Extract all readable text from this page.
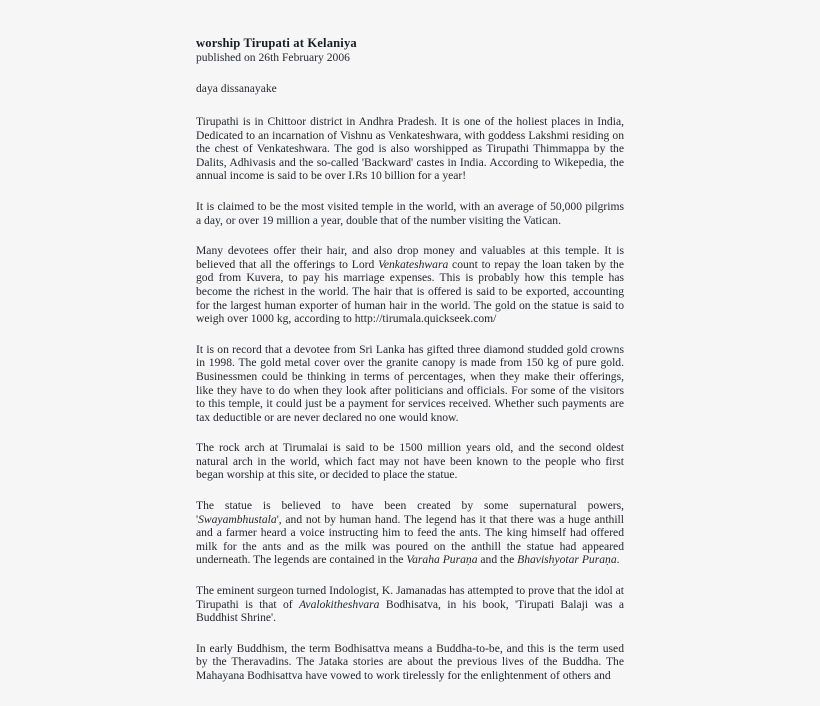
worship Tirupati at Kelaniya

published on 26th February 2006

daya dissanayake

Tirupathi is in Chittoor district in Andhra Pradesh. It is one of the holiest places in India, Dedicated to an incarnation of Vishnu as Venkateshwara, with goddess Lakshmi residing on the chest of Venkateshwara. The god is also worshipped as Tirupathi Thimmappa by the Dalits, Adhivasis and the so-called 'Backward' castes in India. According to Wikepedia, the annual income is said to be over I.Rs 10 billion for a year!

It is claimed to be the most visited temple in the world, with an average of 50,000 pilgrims a day, or over 19 million a year, double that of the number visiting the Vatican.

Many devotees offer their hair, and also drop money and valuables at this temple. It is believed that all the offerings to Lord Venkateshwara count to repay the loan taken by the god from Kuvera, to pay his marriage expenses. This is probably how this temple has become the richest in the world. The hair that is offered is said to be exported, accounting for the largest human exporter of human hair in the world. The gold on the statue is said to weigh over 1000 kg, according to http://tirumala.quickseek.com/

It is on record that a devotee from Sri Lanka has gifted three diamond studded gold crowns in 1998. The gold metal cover over the granite canopy is made from 150 kg of pure gold. Businessmen could be thinking in terms of percentages, when they make their offerings, like they have to do when they look after politicians and officials. For some of the visitors to this temple, it could just be a payment for services received. Whether such payments are tax deductible or are never declared no one would know.

The rock arch at Tirumalai is said to be 1500 million years old, and the second oldest natural arch in the world, which fact may not have been known to the people who first began worship at this site, or decided to place the statue.

The statue is believed to have been created by some supernatural powers, 'Swayambhustala', and not by human hand. The legend has it that there was a huge anthill and a farmer heard a voice instructing him to feed the ants. The king himself had offered milk for the ants and as the milk was poured on the anthill the statue had appeared underneath. The legends are contained in the Varaha Puraṇa and the Bhavishyotar Puraṇa.

The eminent surgeon turned Indologist, K. Jamanadas has attempted to prove that the idol at Tirupathi is that of Avalokitheshvara Bodhisatva, in his book, 'Tirupati Balaji was a Buddhist Shrine'.

In early Buddhism, the term Bodhisattva means a Buddha-to-be, and this is the term used by the Theravadins. The Jataka stories are about the previous lives of the Buddha. The Mahayana Bodhisattva have vowed to work tirelessly for the enlightenment of others and
